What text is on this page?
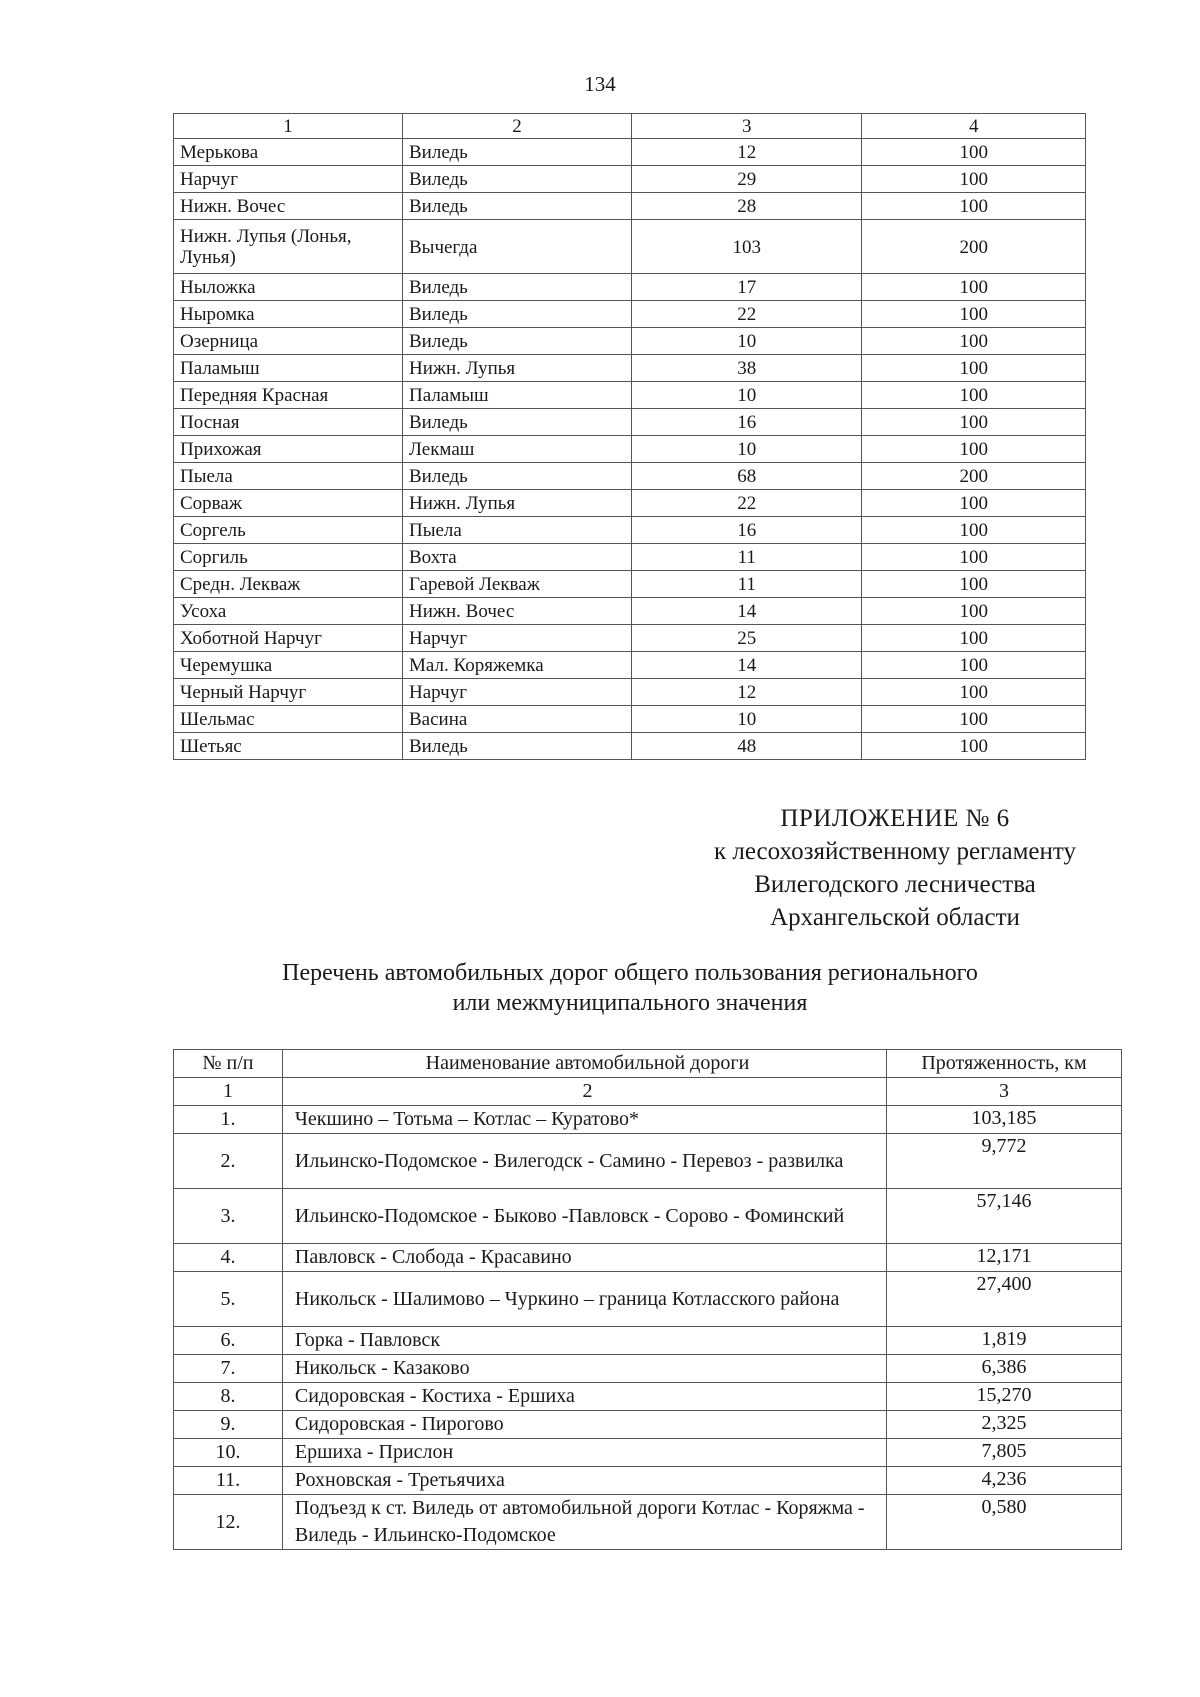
134
1	2	3	4
Мерькова	Виледь	12	100
Нарчуг	Виледь	29	100
Нижн. Вочес	Виледь	28	100
Нижн. Лупья (Лонья, Лунья)	Вычегда	103	200
Ныложка	Виледь	17	100
Ныромка	Виледь	22	100
Озерница	Виледь	10	100
Паламыш	Нижн. Лупья	38	100
Передняя Красная	Паламыш	10	100
Посная	Виледь	16	100
Прихожая	Лекмаш	10	100
Пыела	Виледь	68	200
Сорваж	Нижн. Лупья	22	100
Соргель	Пыела	16	100
Соргиль	Вохта	11	100
Средн. Лекваж	Гаревой Лекваж	11	100
Усоха	Нижн. Вочес	14	100
Хоботной Нарчуг	Нарчуг	25	100
Черемушка	Мал. Коряжемка	14	100
Черный Нарчуг	Нарчуг	12	100
Шельмас	Васина	10	100
Шетьяс	Виледь	48	100
ПРИЛОЖЕНИЕ № 6
к лесохозяйственному регламенту
Вилегодского лесничества
Архангельской области
Перечень автомобильных дорог общего пользования регионального
или межмуниципального значения
№ п/п	Наименование автомобильной дороги	Протяженность, км
1	2	3
1.	Чекшино – Тотьма – Котлас – Куратово*	103,185
2.	Ильинско-Подомское - Вилегодск - Самино - Перевоз - развилка	9,772
3.	Ильинско-Подомское - Быково -Павловск - Сорово - Фоминский	57,146
4.	Павловск - Слобода - Красавино	12,171
5.	Никольск - Шалимово – Чуркино – граница Котласского района	27,400
6.	Горка - Павловск	1,819
7.	Никольск - Казаково	6,386
8.	Сидоровская - Костиха - Ершиха	15,270
9.	Сидоровская - Пирогово	2,325
10.	Ершиха - Прислон	7,805
11.	Рохновская - Третьячиха	4,236
12.	Подъезд к ст. Виледь от автомобильной дороги Котлас - Коряжма - Виледь - Ильинско-Подомское	0,580
